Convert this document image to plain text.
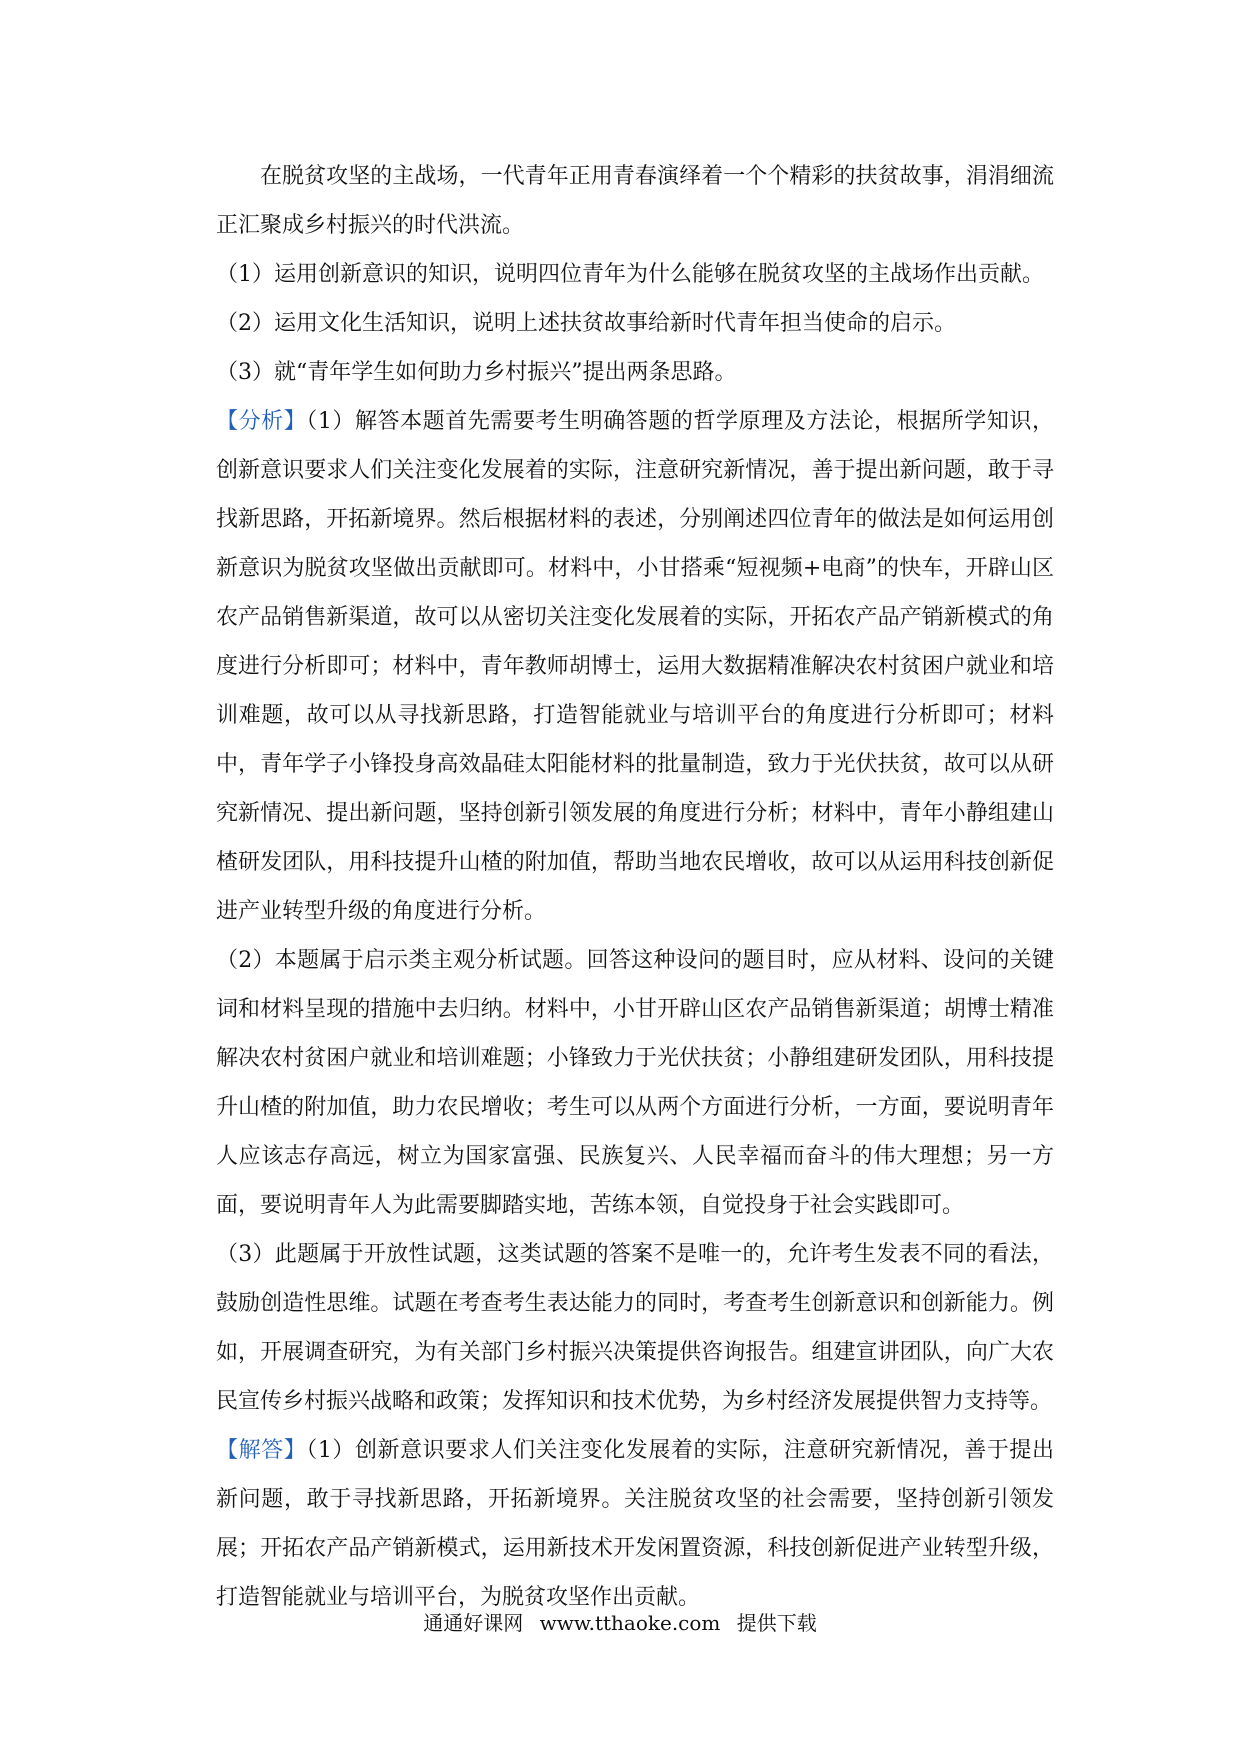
在脱贫攻坚的主战场，一代青年正用青春演绎着一个个精彩的扶贫故事，涓涓细流正汇聚成乡村振兴的时代洪流。

（1）运用创新意识的知识，说明四位青年为什么能够在脱贫攻坚的主战场作出贡献。

（2）运用文化生活知识，说明上述扶贫故事给新时代青年担当使命的启示。

（3）就“青年学生如何助力乡村振兴”提出两条思路。

【分析】（1）解答本题首先需要考生明确答题的哲学原理及方法论，根据所学知识，创新意识要求人们关注变化发展着的实际，注意研究新情况，善于提出新问题，敢于寻找新思路，开拓新境界。然后根据材料的表述，分别阐述四位青年的做法是如何运用创新意识为脱贫攻坚做出贡献即可。材料中，小甘搭乘“短视频+电商”的快车，开辟山区农产品销售新渠道，故可以从密切关注变化发展着的实际，开拓农产品产销新模式的角度进行分析即可；材料中，青年教师胡博士，运用大数据精准解决农村贫困户就业和培训难题，故可以从寻找新思路，打造智能就业与培训平台的角度进行分析即可；材料中，青年学子小锋投身高效晶硅太阳能材料的批量制造，致力于光伏扶贫，故可以从研究新情况、提出新问题，坚持创新引领发展的角度进行分析；材料中，青年小静组建山楂研发团队，用科技提升山楂的附加值，帮助当地农民增收，故可以从运用科技创新促进产业转型升级的角度进行分析。

（2）本题属于启示类主观分析试题。回答这种设问的题目时，应从材料、设问的关键词和材料呈现的措施中去归纳。材料中，小甘开辟山区农产品销售新渠道；胡博士精准解决农村贫困户就业和培训难题；小锋致力于光伏扶贫；小静组建研发团队，用科技提升山楂的附加值，助力农民增收；考生可以从两个方面进行分析，一方面，要说明青年人应该志存高远，树立为国家富强、民族复兴、人民幸福而奋斗的伟大理想；另一方面，要说明青年人为此需要脚踏实地，苦练本领，自觉投身于社会实践即可。

（3）此题属于开放性试题，这类试题的答案不是唯一的，允许考生发表不同的看法，鼓励创造性思维。试题在考查考生表达能力的同时，考查考生创新意识和创新能力。例如，开展调查研究，为有关部门乡村振兴决策提供咨询报告。组建宣讲团队，向广大农民宣传乡村振兴战略和政策；发挥知识和技术优势，为乡村经济发展提供智力支持等。

【解答】（1）创新意识要求人们关注变化发展着的实际，注意研究新情况，善于提出新问题，敢于寻找新思路，开拓新境界。关注脱贫攻坚的社会需要，坚持创新引领发展；开拓农产品产销新模式，运用新技术开发闲置资源，科技创新促进产业转型升级，打造智能就业与培训平台，为脱贫攻坚作出贡献。

通通好课网 www.tthaoke.com 提供下载
